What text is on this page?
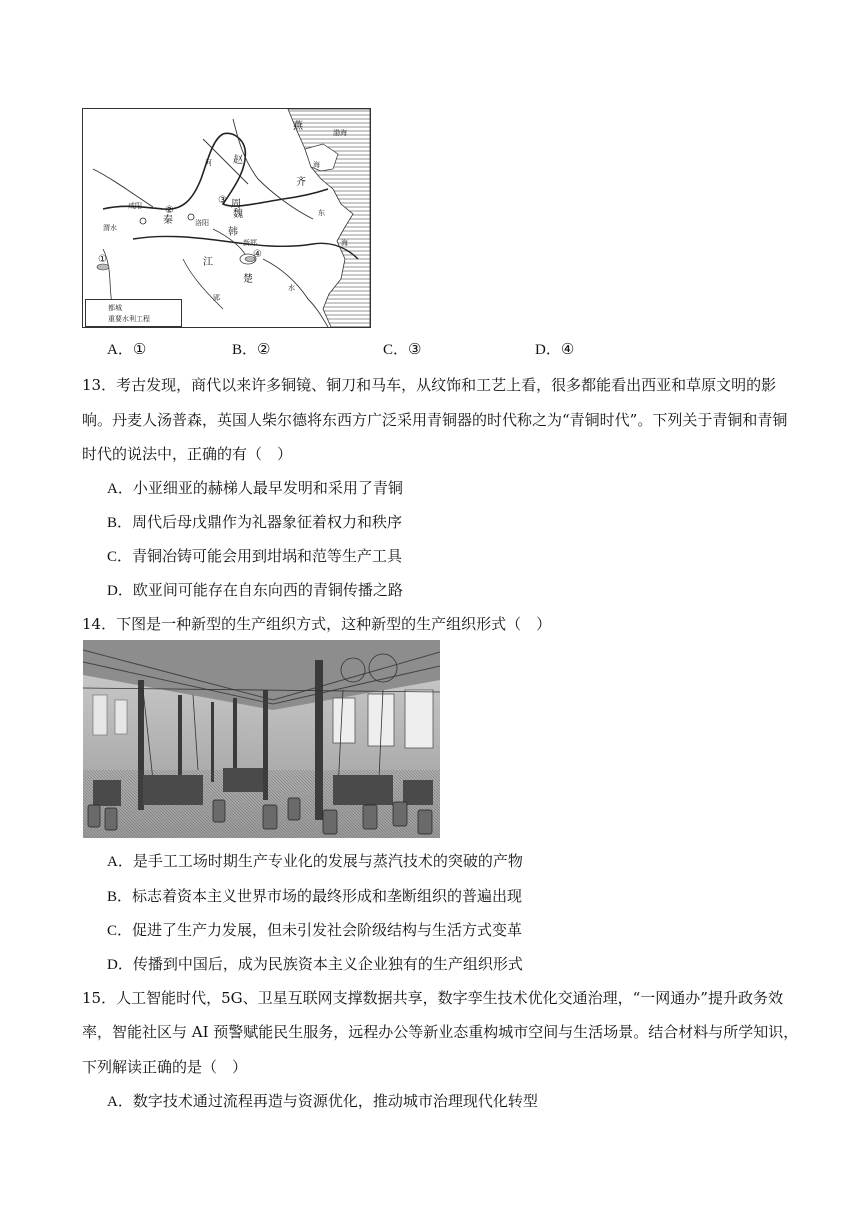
燕
赵
齐
秦
周
魏
韩
洛阳
楚
江
河	海
海
东
水
渭水
渤海
郢
新郑
①
②
③
④
咸阳
都城
重要水利工程
A．①	B．②	C．③	D．④
13．考古发现，商代以来许多铜镜、铜刀和马车，从纹饰和工艺上看，很多都能看出西亚和草原文明的影
响。丹麦人汤普森，英国人柴尔德将东西方广泛采用青铜器的时代称之为“青铜时代”。下列关于青铜和青铜
时代的说法中，正确的有（　）
A．小亚细亚的赫梯人最早发明和采用了青铜
B．周代后母戊鼎作为礼器象征着权力和秩序
C．青铜冶铸可能会用到坩埚和范等生产工具
D．欧亚间可能存在自东向西的青铜传播之路
14．下图是一种新型的生产组织方式，这种新型的生产组织形式（　）
A．是手工工场时期生产专业化的发展与蒸汽技术的突破的产物
B．标志着资本主义世界市场的最终形成和垄断组织的普遍出现
C．促进了生产力发展，但未引发社会阶级结构与生活方式变革
D．传播到中国后，成为民族资本主义企业独有的生产组织形式
15．人工智能时代，5G、卫星互联网支撑数据共享，数字孪生技术优化交通治理，“一网通办”提升政务效
率，智能社区与 AI 预警赋能民生服务，远程办公等新业态重构城市空间与生活场景。结合材料与所学知识，
下列解读正确的是（　）
A．数字技术通过流程再造与资源优化，推动城市治理现代化转型
